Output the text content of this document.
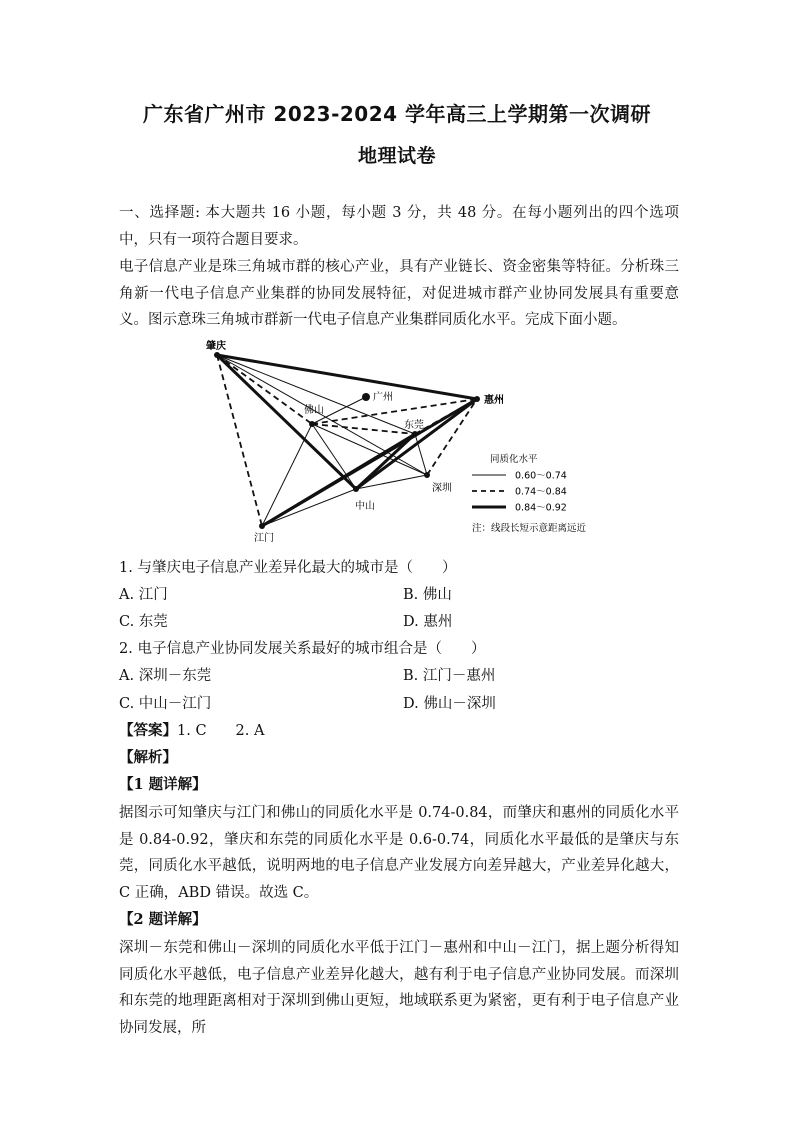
广东省广州市 2023-2024 学年高三上学期第一次调研
地理试卷
一、选择题: 本大题共 16 小题，每小题 3 分，共 48 分。在每小题列出的四个选项中，只有一项符合题目要求。
电子信息产业是珠三角城市群的核心产业，具有产业链长、资金密集等特征。分析珠三角新一代电子信息产业集群的协同发展特征，对促进城市群产业协同发展具有重要意义。图示意珠三角城市群新一代电子信息产业集群同质化水平。完成下面小题。
肇庆
广州	惠州
佛山
东莞
深圳
中山
江门
同质化水平
0.60～0.74
0.74～0.84
0.84～0.92
注：线段长短示意距离远近
1. 与肇庆电子信息产业差异化最大的城市是（　　）
A. 江门	B. 佛山
C. 东莞	D. 惠州
2. 电子信息产业协同发展关系最好的城市组合是（　　）
A. 深圳－东莞	B. 江门－惠州
C. 中山－江门	D. 佛山－深圳
【答案】1. C　　2. A
【解析】
【1 题详解】
据图示可知肇庆与江门和佛山的同质化水平是 0.74-0.84，而肇庆和惠州的同质化水平是 0.84-0.92，肇庆和东莞的同质化水平是 0.6-0.74，同质化水平最低的是肇庆与东莞，同质化水平越低，说明两地的电子信息产业发展方向差异越大，产业差异化越大，C 正确，ABD 错误。故选 C。
【2 题详解】
深圳－东莞和佛山－深圳的同质化水平低于江门－惠州和中山－江门，据上题分析得知同质化水平越低，电子信息产业差异化越大，越有利于电子信息产业协同发展。而深圳和东莞的地理距离相对于深圳到佛山更短，地域联系更为紧密，更有利于电子信息产业协同发展，所
